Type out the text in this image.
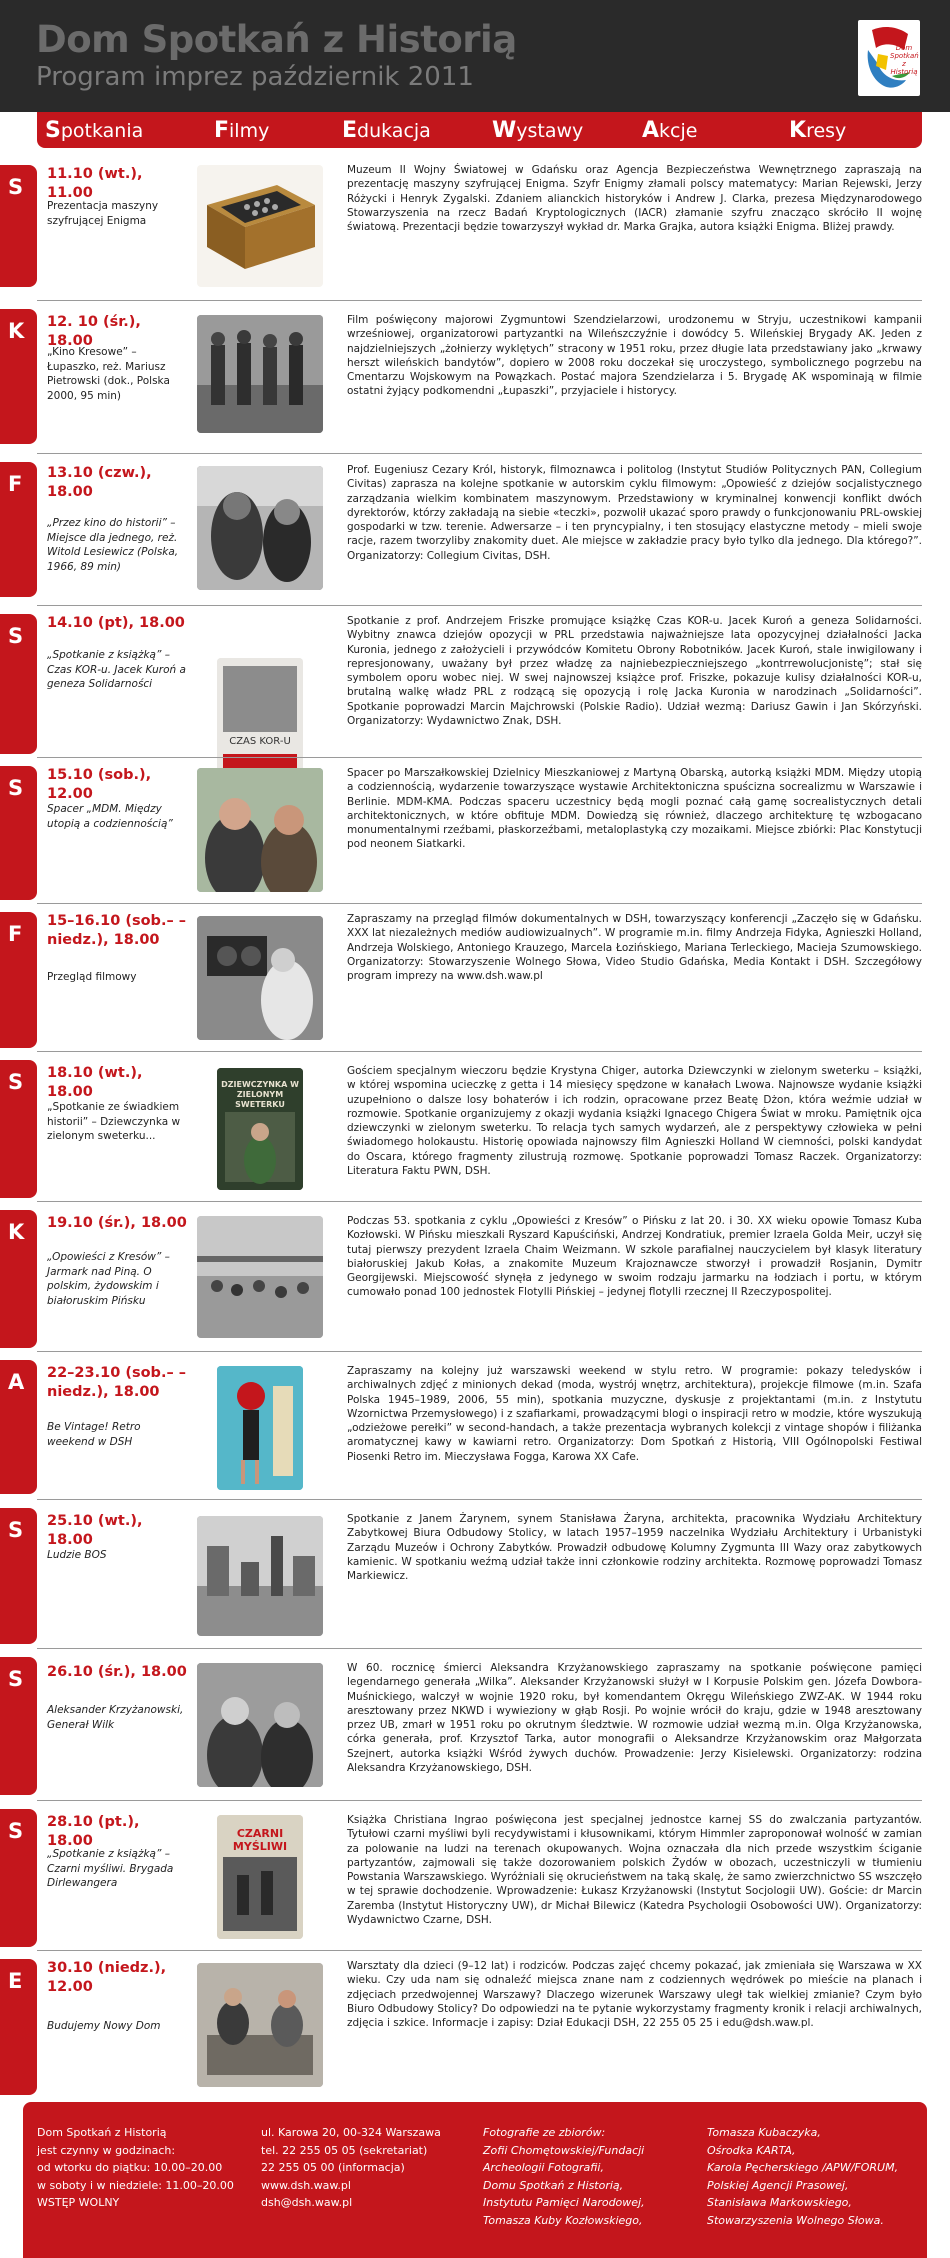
Dom Spotkań z Historią
Program imprez październik 2011
Dom Spotkań z Historią
Spotkania	Filmy	Edukacja	Wystawy	Akcje	Kresy
S
11.10 (wt.), 11.00
Prezentacja maszyny szyfrującej Enigma
Muzeum II Wojny Światowej w Gdańsku oraz Agencja Bezpieczeństwa Wewnętrznego zapraszają na prezentację maszyny szyfrującej Enigma. Szyfr Enigmy złamali polscy matematycy: Marian Rejewski, Jerzy Różycki i Henryk Zygalski. Zdaniem alianckich historyków i Andrew J. Clarka, prezesa Międzynarodowego Stowarzyszenia na rzecz Badań Kryptologicznych (IACR) złamanie szyfru znacząco skróciło II wojnę światową. Prezentacji będzie towarzyszył wykład dr. Marka Grajka, autora książki Enigma. Bliżej prawdy.
K 12. 10 (śr.), 18.00
„Kino Kresowe” – Łupaszko, reż. Mariusz Pietrowski (dok., Polska 2000, 95 min)
Film poświęcony majorowi Zygmuntowi Szendzielarzowi, urodzonemu w Stryju, uczestnikowi kampanii wrześniowej, organizatorowi partyzantki na Wileńszczyźnie i dowódcy 5. Wileńskiej Brygady AK. Jeden z najdzielniejszych „żołnierzy wyklętych” stracony w 1951 roku, przez długie lata przedstawiany jako „krwawy herszt wileńskich bandytów”, dopiero w 2008 roku doczekał się uroczystego, symbolicznego pogrzebu na Cmentarzu Wojskowym na Powązkach. Postać majora Szendzielarza i 5. Brygadę AK wspominają w filmie ostatni żyjący podkomendni „Łupaszki”, przyjaciele i historycy.
F 13.10 (czw.), 18.00
„Przez kino do historii” – Miejsce dla jednego, reż. Witold Lesiewicz (Polska, 1966, 89 min)
Prof. Eugeniusz Cezary Król, historyk, filmoznawca i politolog (Instytut Studiów Politycznych PAN, Collegium Civitas) zaprasza na kolejne spotkanie w autorskim cyklu filmowym: „Opowieść z dziejów socjalistycznego zarządzania wielkim kombinatem maszynowym. Przedstawiony w kryminalnej konwencji konflikt dwóch dyrektorów, którzy zakładają na siebie «teczki», pozwolił ukazać sporo prawdy o funkcjonowaniu PRL-owskiej gospodarki w tzw. terenie. Adwersarze – i ten pryncypialny, i ten stosujący elastyczne metody – mieli swoje racje, razem tworzyliby znakomity duet. Ale miejsce w zakładzie pracy było tylko dla jednego. Dla którego?”. Organizatorzy: Collegium Civitas, DSH.
S
14.10 (pt), 18.00
„Spotkanie z książką” – Czas KOR-u. Jacek Kuroń a geneza Solidarności
CZAS KOR-U
Spotkanie z prof. Andrzejem Friszke promujące książkę Czas KOR-u. Jacek Kuroń a geneza Solidarności. Wybitny znawca dziejów opozycji w PRL przedstawia najważniejsze lata opozycyjnej działalności Jacka Kuronia, jednego z założycieli i przywódców Komitetu Obrony Robotników. Jacek Kuroń, stale inwigilowany i represjonowany, uważany był przez władzę za najniebezpieczniejszego „kontrrewolucjonistę”; stał się symbolem oporu wobec niej. W swej najnowszej książce prof. Friszke, pokazuje kulisy działalności KOR-u, brutalną walkę władz PRL z rodzącą się opozycją i rolę Jacka Kuronia w narodzinach „Solidarności”. Spotkanie poprowadzi Marcin Majchrowski (Polskie Radio). Udział wezmą: Dariusz Gawin i Jan Skórzyński. Organizatorzy: Wydawnictwo Znak, DSH.
S
15.10 (sob.), 12.00
Spacer „MDM. Między utopią a codziennością”
Spacer po Marszałkowskiej Dzielnicy Mieszkaniowej z Martyną Obarską, autorką książki MDM. Między utopią a codziennością, wydarzenie towarzyszące wystawie Architektoniczna spuścizna socrealizmu w Warszawie i Berlinie. MDM-KMA. Podczas spaceru uczestnicy będą mogli poznać całą gamę socrealistycznych detali architektonicznych, w które obfituje MDM. Dowiedzą się również, dlaczego architekturę tę wzbogacano monumentalnymi rzeźbami, płaskorzeźbami, metaloplastyką czy mozaikami. Miejsce zbiórki: Plac Konstytucji pod neonem Siatkarki.
F
15–16.10 (sob.– –niedz.), 18.00
Przegląd filmowy
Zapraszamy na przegląd filmów dokumentalnych w DSH, towarzyszący konferencji „Zaczęło się w Gdańsku. XXX lat niezależnych mediów audiowizualnych”. W programie m.in. filmy Andrzeja Fidyka, Agnieszki Holland, Andrzeja Wolskiego, Antoniego Krauzego, Marcela Łozińskiego, Mariana Terleckiego, Macieja Szumowskiego. Organizatorzy: Stowarzyszenie Wolnego Słowa, Video Studio Gdańska, Media Kontakt i DSH. Szczegółowy program imprezy na www.dsh.waw.pl
S 18.10 (wt.), 18.00
„Spotkanie ze świadkiem historii” – Dziewczynka w zielonym sweterku...
DZIEWCZYNKA W ZIELONYM SWETERKU
Gościem specjalnym wieczoru będzie Krystyna Chiger, autorka Dziewczynki w zielonym sweterku – książki, w której wspomina ucieczkę z getta i 14 miesięcy spędzone w kanałach Lwowa. Najnowsze wydanie książki uzupełniono o dalsze losy bohaterów i ich rodzin, opracowane przez Beatę Dżon, która weźmie udział w rozmowie. Spotkanie organizujemy z okazji wydania książki Ignacego Chigera Świat w mroku. Pamiętnik ojca dziewczynki w zielonym sweterku. To relacja tych samych wydarzeń, ale z perspektywy człowieka w pełni świadomego holokaustu. Historię opowiada najnowszy film Agnieszki Holland W ciemności, polski kandydat do Oscara, którego fragmenty zilustrują rozmowę. Spotkanie poprowadzi Tomasz Raczek. Organizatorzy: Literatura Faktu PWN, DSH.
K 19.10 (śr.), 18.00
„Opowieści z Kresów” – Jarmark nad Piną. O polskim, żydowskim i białoruskim Pińsku
Podczas 53. spotkania z cyklu „Opowieści z Kresów” o Pińsku z lat 20. i 30. XX wieku opowie Tomasz Kuba Kozłowski. W Pińsku mieszkali Ryszard Kapuściński, Andrzej Kondratiuk, premier Izraela Golda Meir, uczył się tutaj pierwszy prezydent Izraela Chaim Weizmann. W szkole parafialnej nauczycielem był klasyk literatury białoruskiej Jakub Kołas, a znakomite Muzeum Krajoznawcze stworzył i prowadził Rosjanin, Dymitr Georgijewski. Miejscowość słynęła z jedynego w swoim rodzaju jarmarku na łodziach i portu, w którym cumowało ponad 100 jednostek Flotylli Pińskiej – jedynej flotylli rzecznej II Rzeczypospolitej.
A 22–23.10 (sob.– –niedz.), 18.00
Be Vintage! Retro weekend w DSH
Zapraszamy na kolejny już warszawski weekend w stylu retro. W programie: pokazy teledysków i archiwalnych zdjęć z minionych dekad (moda, wystrój wnętrz, architektura), projekcje filmowe (m.in. Szafa Polska 1945–1989, 2006, 55 min), spotkania muzyczne, dyskusje z projektantami (m.in. z Instytutu Wzornictwa Przemysłowego) i z szafiarkami, prowadzącymi blogi o inspiracji retro w modzie, które wyszukują „odzieżowe perełki” w second-handach, a także prezentacja wybranych kolekcji z vintage shopów i filiżanka aromatycznej kawy w kawiarni retro. Organizatorzy: Dom Spotkań z Historią, VIII Ogólnopolski Festiwal Piosenki Retro im. Mieczysława Fogga, Karowa XX Cafe.
S 25.10 (wt.), 18.00
Ludzie BOS
Spotkanie z Janem Żarynem, synem Stanisława Żaryna, architekta, pracownika Wydziału Architektury Zabytkowej Biura Odbudowy Stolicy, w latach 1957–1959 naczelnika Wydziału Architektury i Urbanistyki Zarządu Muzeów i Ochrony Zabytków. Prowadził odbudowę Kolumny Zygmunta III Wazy oraz zabytkowych kamienic. W spotkaniu weźmą udział także inni członkowie rodziny architekta. Rozmowę poprowadzi Tomasz Markiewicz.
S 26.10 (śr.), 18.00
Aleksander Krzyżanowski, Generał Wilk
W 60. rocznicę śmierci Aleksandra Krzyżanowskiego zapraszamy na spotkanie poświęcone pamięci legendarnego generała „Wilka”. Aleksander Krzyżanowski służył w I Korpusie Polskim gen. Józefa Dowbora-Muśnickiego, walczył w wojnie 1920 roku, był komendantem Okręgu Wileńskiego ZWZ-AK. W 1944 roku aresztowany przez NKWD i wywieziony w głąb Rosji. Po wojnie wrócił do kraju, gdzie w 1948 aresztowany przez UB, zmarł w 1951 roku po okrutnym śledztwie. W rozmowie udział wezmą m.in. Olga Krzyżanowska, córka generała, prof. Krzysztof Tarka, autor monografii o Aleksandrze Krzyżanowskim oraz Małgorzata Szejnert, autorka książki Wśród żywych duchów. Prowadzenie: Jerzy Kisielewski. Organizatorzy: rodzina Aleksandra Krzyżanowskiego, DSH.
S 28.10 (pt.), 18.00
„Spotkanie z książką” – Czarni myśliwi. Brygada Dirlewangera
CZARNI MYŚLIWI
Książka Christiana Ingrao poświęcona jest specjalnej jednostce karnej SS do zwalczania partyzantów. Tytułowi czarni myśliwi byli recydywistami i kłusownikami, którym Himmler zaproponował wolność w zamian za polowanie na ludzi na terenach okupowanych. Wojna oznaczała dla nich przede wszystkim ściganie partyzantów, zajmowali się także dozorowaniem polskich Żydów w obozach, uczestniczyli w tłumieniu Powstania Warszawskiego. Wyróżniali się okrucieństwem na taką skalę, że samo zwierzchnictwo SS wszczęło w tej sprawie dochodzenie. Wprowadzenie: Łukasz Krzyżanowski (Instytut Socjologii UW). Goście: dr Marcin Zaremba (Instytut Historyczny UW), dr Michał Bilewicz (Katedra Psychologii Osobowości UW). Organizatorzy: Wydawnictwo Czarne, DSH.
E
30.10 (niedz.), 12.00
Budujemy Nowy Dom
Warsztaty dla dzieci (9–12 lat) i rodziców. Podczas zajęć chcemy pokazać, jak zmieniała się Warszawa w XX wieku. Czy uda nam się odnaleźć miejsca znane nam z codziennych wędrówek po mieście na planach i zdjęciach przedwojennej Warszawy? Dlaczego wizerunek Warszawy uległ tak wielkiej zmianie? Czym było Biuro Odbudowy Stolicy? Do odpowiedzi na te pytanie wykorzystamy fragmenty kronik i relacji archiwalnych, zdjęcia i szkice. Informacje i zapisy: Dział Edukacji DSH, 22 255 05 25 i edu@dsh.waw.pl.
Dom Spotkań z Historią
jest czynny w godzinach:
od wtorku do piątku: 10.00–20.00
w soboty i w niedziele: 11.00–20.00
WSTĘP WOLNY
ul. Karowa 20, 00-324 Warszawa
tel. 22 255 05 05 (sekretariat)
22 255 05 00 (informacja)
www.dsh.waw.pl
dsh@dsh.waw.pl
Fotografie ze zbiorów:
Zofii Chomętowskiej/Fundacji
Archeologii Fotografii,
Domu Spotkań z Historią,
Instytutu Pamięci Narodowej,
Tomasza Kuby Kozłowskiego,
Tomasza Kubaczyka,
Ośrodka KARTA,
Karola Pęcherskiego /APW/FORUM,
Polskiej Agencji Prasowej,
Stanisława Markowskiego,
Stowarzyszenia Wolnego Słowa.
